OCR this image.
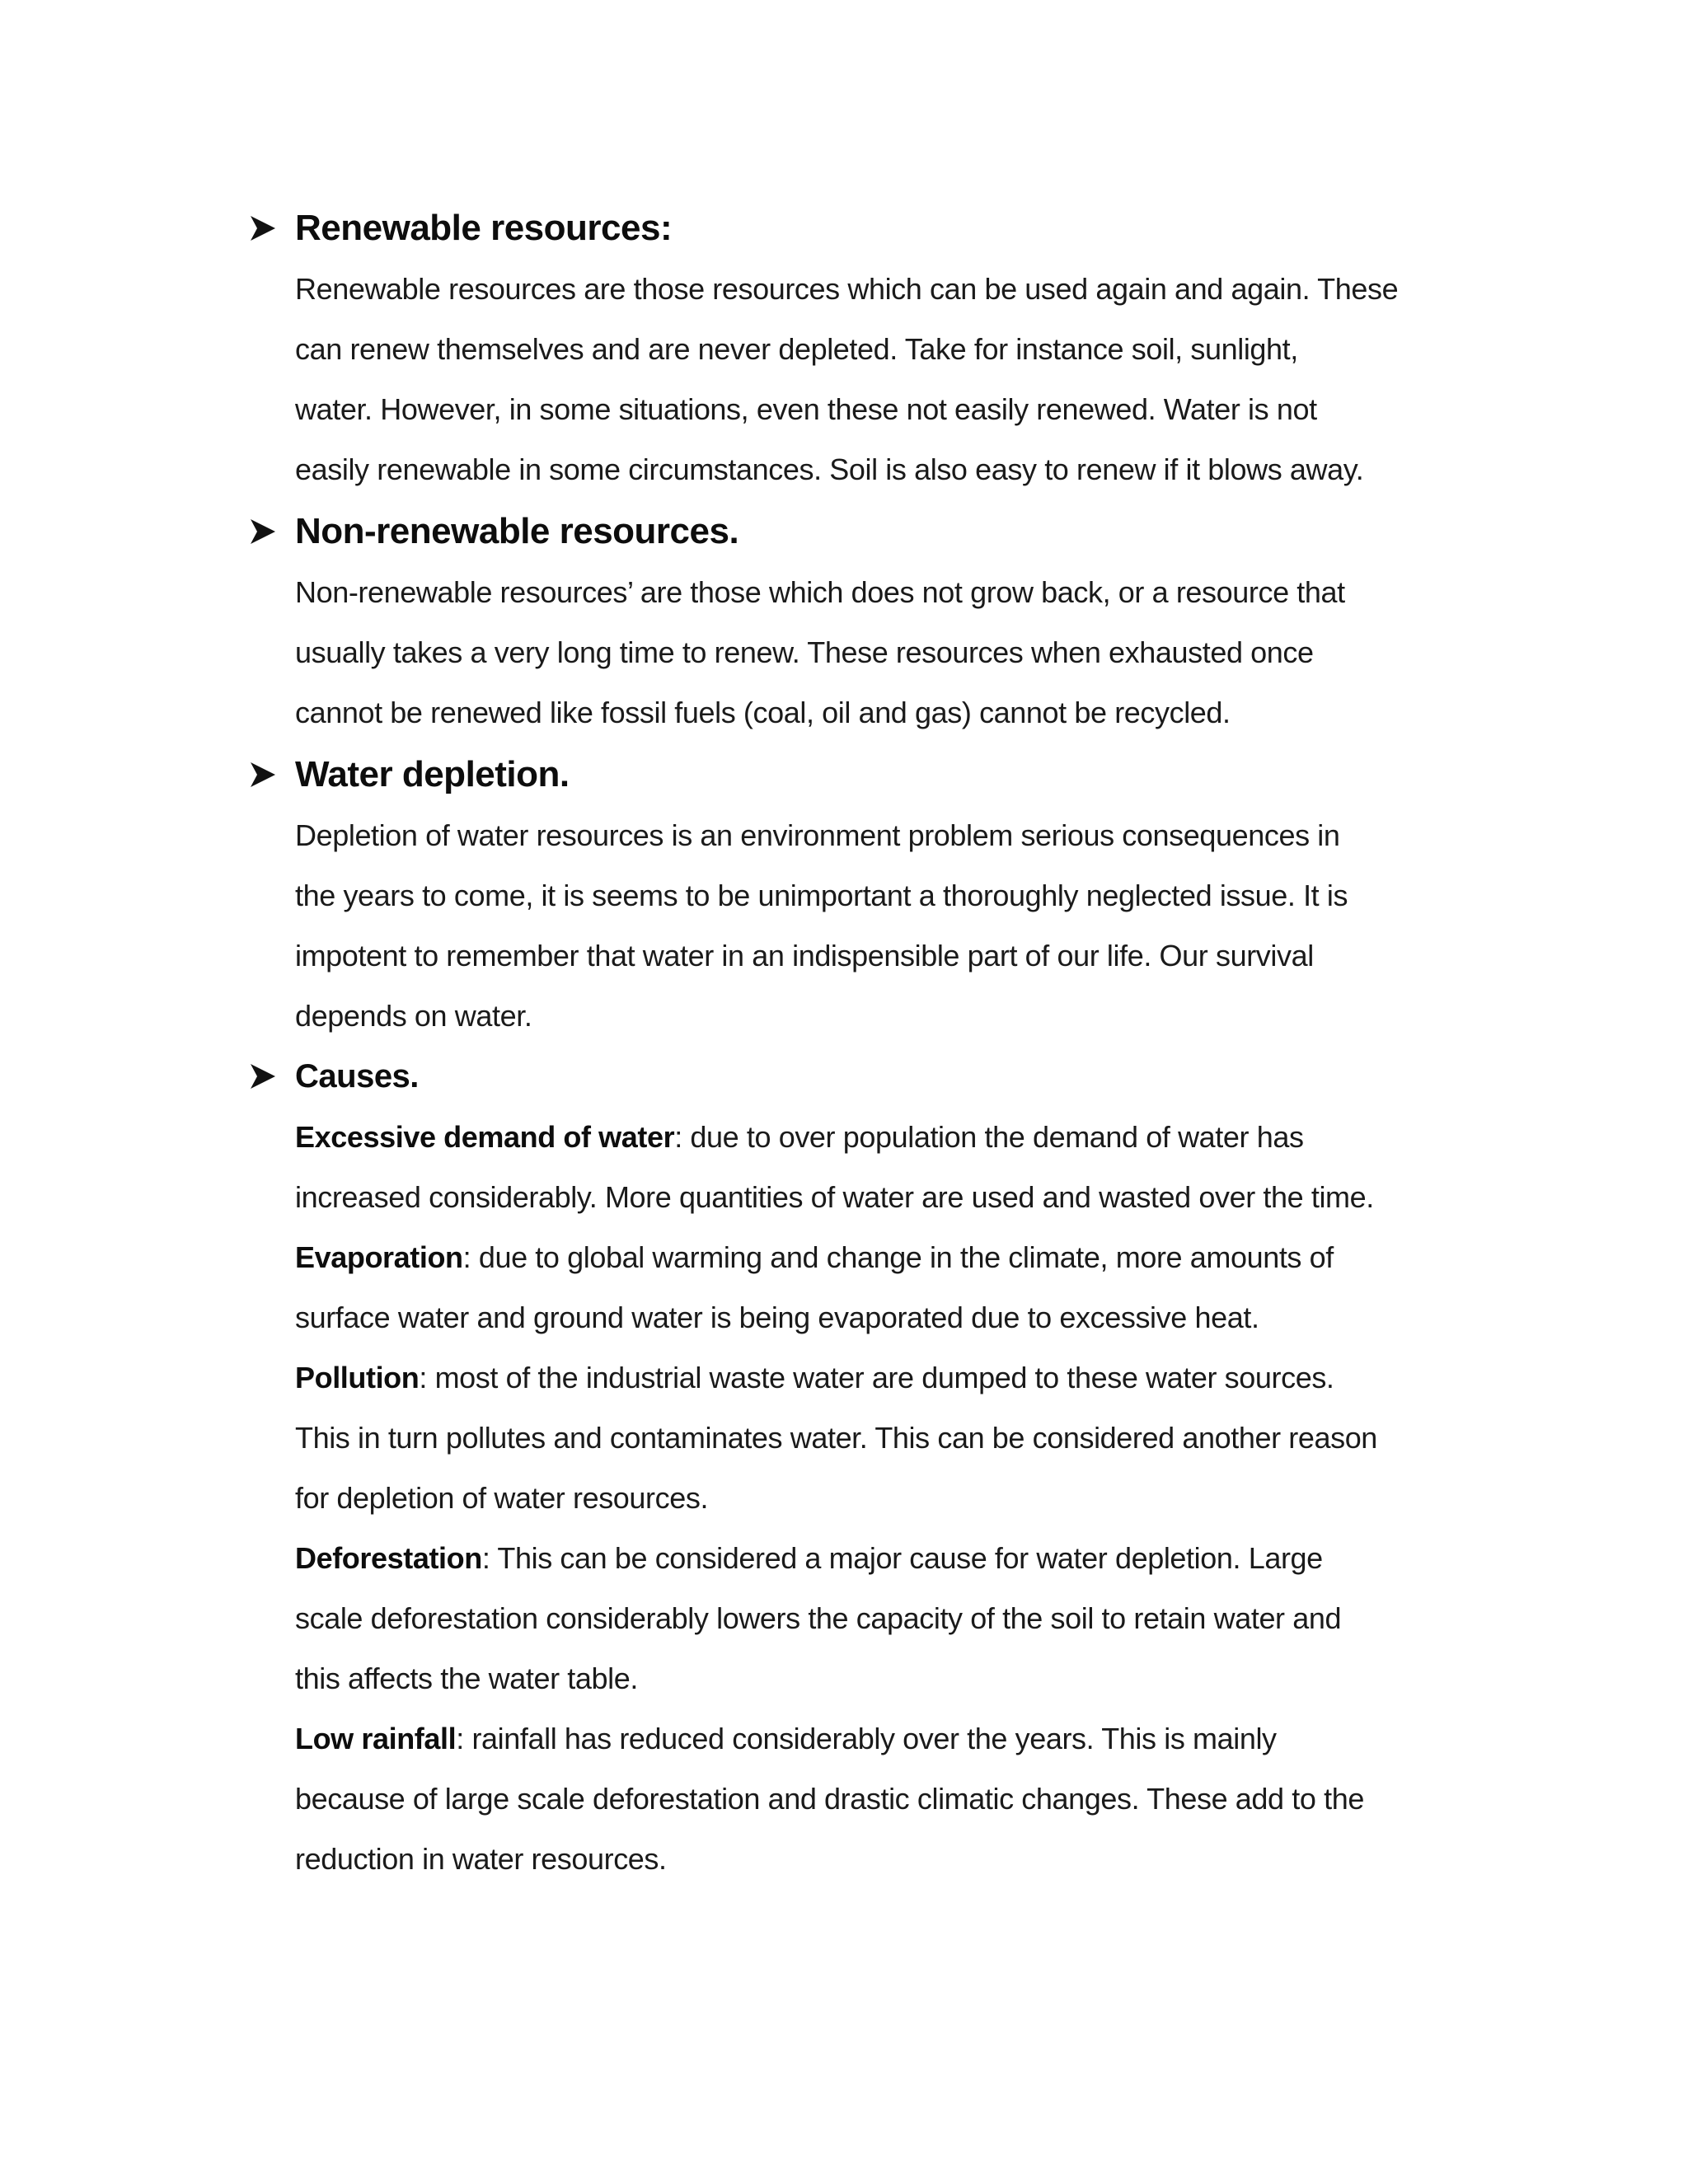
Renewable resources:
Renewable resources are those resources which can be used again and again. These
can renew themselves and are never depleted. Take for instance soil, sunlight,
water. However, in some situations, even these not easily renewed. Water is not
easily renewable in some circumstances. Soil is also easy to renew if it blows away.
Non-renewable resources.
Non-renewable resources’ are those which does not grow back, or a resource that
usually takes a very long time to renew. These resources when exhausted once
cannot be renewed like fossil fuels (coal, oil and gas) cannot be recycled.
Water depletion.
Depletion of water resources is an environment problem serious consequences in
the years to come, it is seems to be unimportant a thoroughly neglected issue. It is
impotent to remember that water in an indispensible part of our life. Our survival
depends on water.
Causes.
Excessive demand of water: due to over population the demand of water has
increased considerably. More quantities of water are used and wasted over the time.
Evaporation: due to global warming and change in the climate, more amounts of
surface water and ground water is being evaporated due to excessive heat.
Pollution: most of the industrial waste water are dumped to these water sources.
This in turn pollutes and contaminates water. This can be considered another reason
for depletion of water resources.
Deforestation: This can be considered a major cause for water depletion. Large
scale deforestation considerably lowers the capacity of the soil to retain water and
this affects the water table.
Low rainfall: rainfall has reduced considerably over the years. This is mainly
because of large scale deforestation and drastic climatic changes. These add to the
reduction in water resources.
